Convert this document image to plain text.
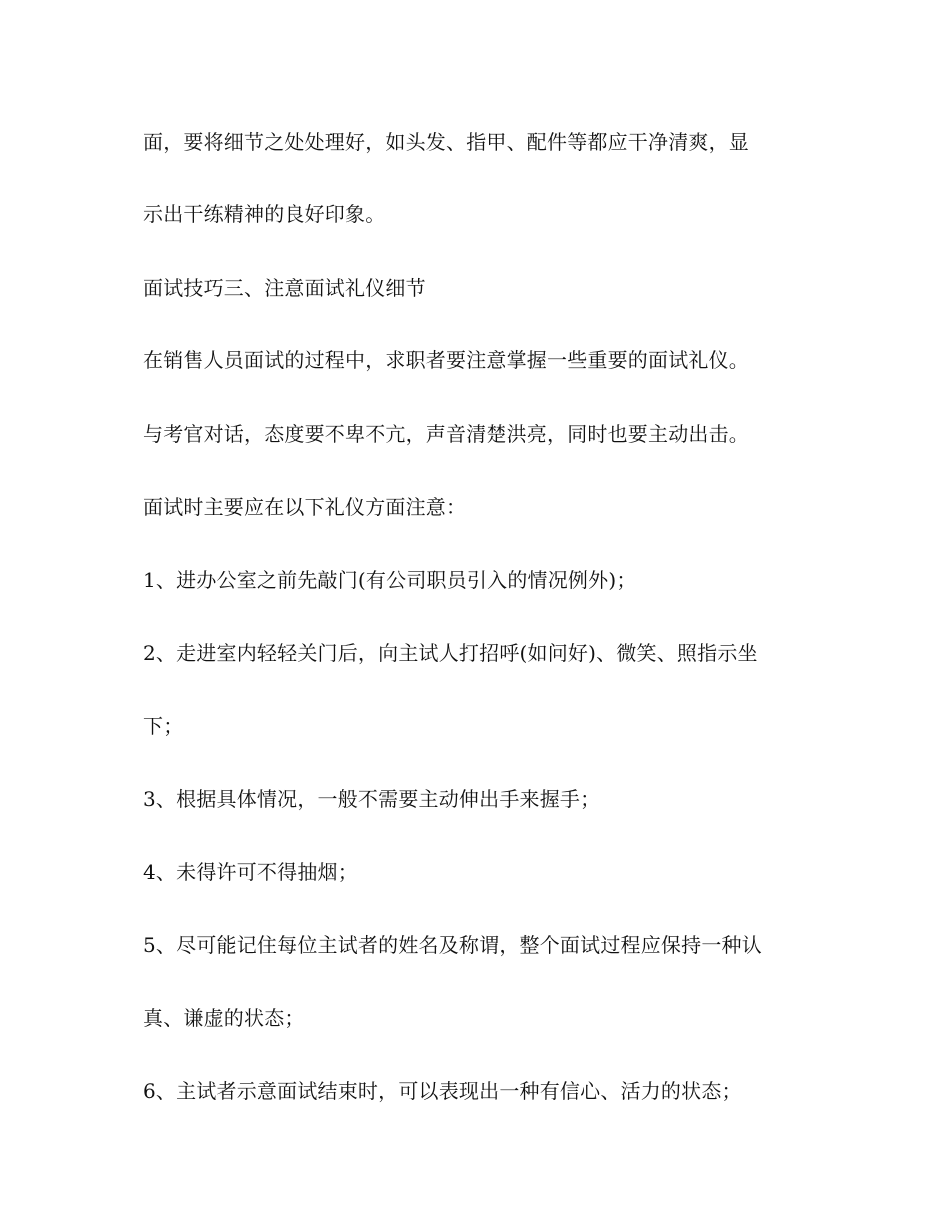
面，要将细节之处处理好，如头发、指甲、配件等都应干净清爽，显
示出干练精神的良好印象。
面试技巧三、注意面试礼仪细节
在销售人员面试的过程中，求职者要注意掌握一些重要的面试礼仪。
与考官对话，态度要不卑不亢，声音清楚洪亮，同时也要主动出击。
面试时主要应在以下礼仪方面注意：
1、进办公室之前先敲门(有公司职员引入的情况例外)；
2、走进室内轻轻关门后，向主试人打招呼(如问好)、微笑、照指示坐
下；
3、根据具体情况，一般不需要主动伸出手来握手；
4、未得许可不得抽烟；
5、尽可能记住每位主试者的姓名及称谓，整个面试过程应保持一种认
真、谦虚的状态；
6、主试者示意面试结束时，可以表现出一种有信心、活力的状态；
